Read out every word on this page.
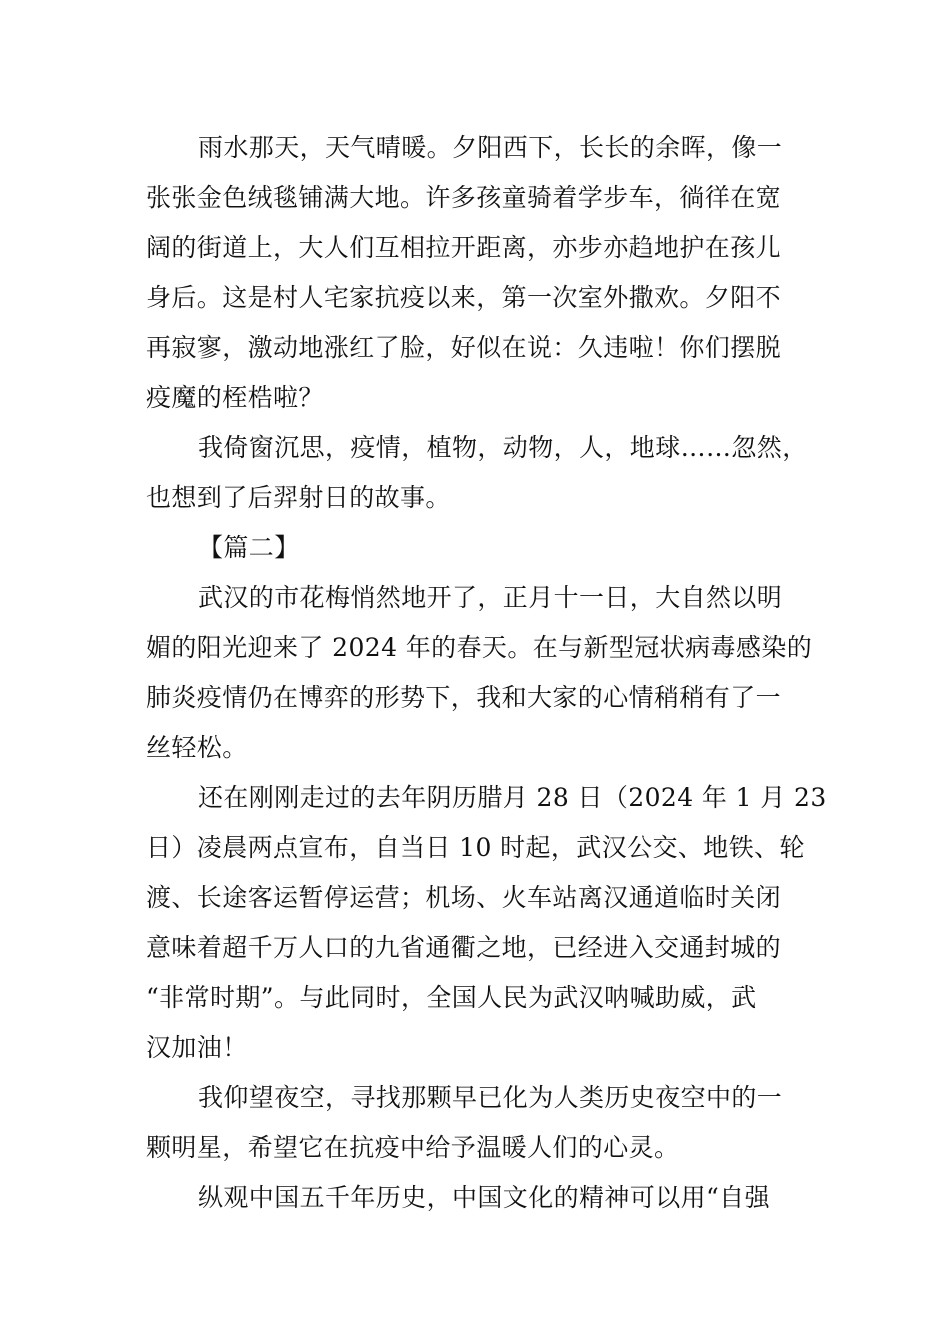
雨水那天，天气晴暖。夕阳西下，长长的余晖，像一
张张金色绒毯铺满大地。许多孩童骑着学步车，徜徉在宽
阔的街道上，大人们互相拉开距离，亦步亦趋地护在孩儿
身后。这是村人宅家抗疫以来，第一次室外撒欢。夕阳不
再寂寥，激动地涨红了脸，好似在说：久违啦！你们摆脱
疫魔的桎梏啦？
我倚窗沉思，疫情，植物，动物，人，地球……忽然，
也想到了后羿射日的故事。
【篇二】
武汉的市花梅悄然地开了，正月十一日，大自然以明
媚的阳光迎来了 2024 年的春天。在与新型冠状病毒感染的
肺炎疫情仍在博弈的形势下，我和大家的心情稍稍有了一
丝轻松。
还在刚刚走过的去年阴历腊月 28 日（2024 年 1 月 23
日）凌晨两点宣布，自当日 10 时起，武汉公交、地铁、轮
渡、长途客运暂停运营；机场、火车站离汉通道临时关闭
意味着超千万人口的九省通衢之地，已经进入交通封城的
“非常时期”。与此同时，全国人民为武汉呐喊助威，武
汉加油！
我仰望夜空，寻找那颗早已化为人类历史夜空中的一
颗明星，希望它在抗疫中给予温暖人们的心灵。
纵观中国五千年历史，中国文化的精神可以用“自强
